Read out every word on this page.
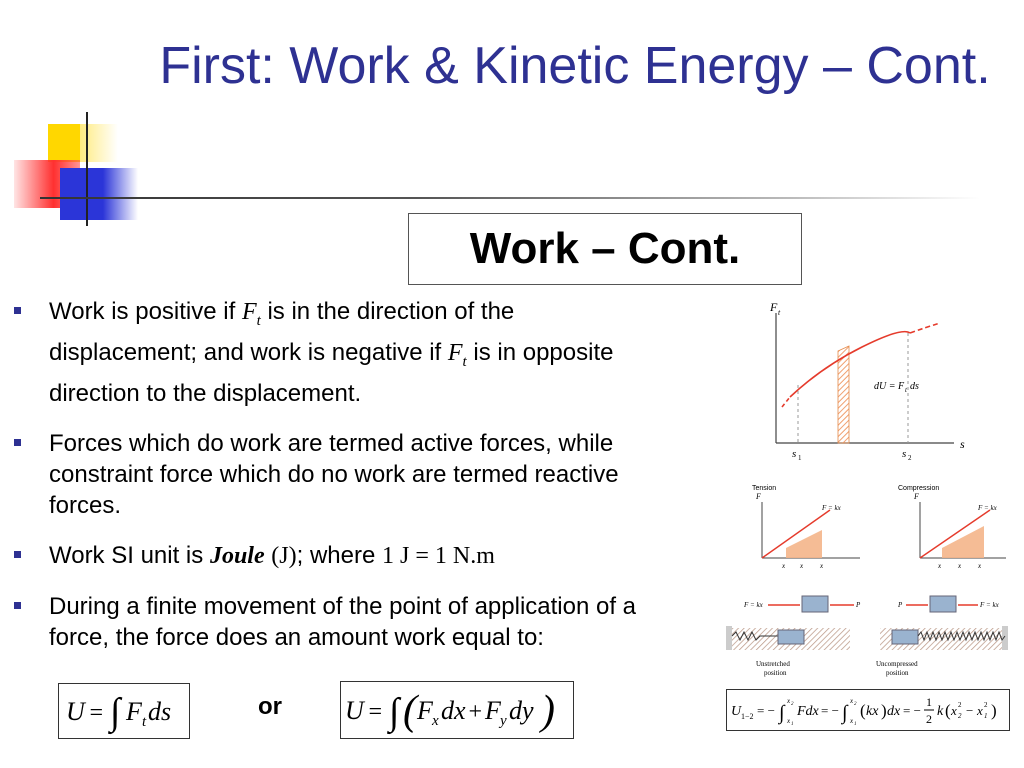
First: Work & Kinetic Energy – Cont.
Work – Cont.
Work is positive if $F_t$ is in the direction of the displacement; and work is negative if $F_t$ is in opposite direction to the displacement.
Forces which do work are termed active forces, while constraint force which do no work are termed reactive forces.
Work SI unit is Joule (J); where 1 J = 1 N.m
During a finite movement of the point of application of a force, the force does an amount work equal to:
U = ∫ F t ds	or U = ∫ ( F x dx + F y dy )	U 1−2 = − ∫
x 2
x 1
Fdx = − ∫
x 2
x 1
( kx ) dx = −
1
2 k ( x 2
2 − x 1
2 )
F t
s
s 1	s 2
dU = F t ds
Tension
F
F = kx
x x x
F = kx	P
Unstretched
position
Compression
F
F = kx
x x x
P	F = kx
Uncompressed
position
